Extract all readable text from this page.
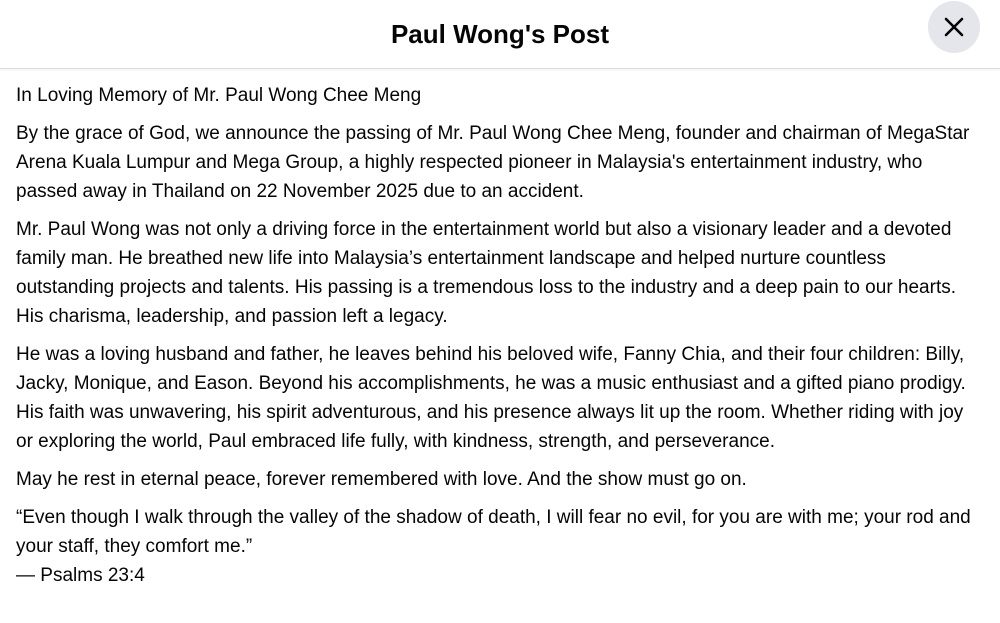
Paul Wong's Post

In Loving Memory of Mr. Paul Wong Chee Meng

By the grace of God, we announce the passing of Mr. Paul Wong Chee Meng, founder and chairman of MegaStar Arena Kuala Lumpur and Mega Group, a highly respected pioneer in Malaysia's entertainment industry, who passed away in Thailand on 22 November 2025 due to an accident.

Mr. Paul Wong was not only a driving force in the entertainment world but also a visionary leader and a devoted family man. He breathed new life into Malaysia’s entertainment landscape and helped nurture countless outstanding projects and talents. His passing is a tremendous loss to the industry and a deep pain to our hearts. His charisma, leadership, and passion left a legacy.

He was a loving husband and father, he leaves behind his beloved wife, Fanny Chia, and their four children: Billy, Jacky, Monique, and Eason. Beyond his accomplishments, he was a music enthusiast and a gifted piano prodigy. His faith was unwavering, his spirit adventurous, and his presence always lit up the room. Whether riding with joy or exploring the world, Paul embraced life fully, with kindness, strength, and perseverance.

May he rest in eternal peace, forever remembered with love. And the show must go on.

“Even though I walk through the valley of the shadow of death, I will fear no evil, for you are with me; your rod and your staff, they comfort me.”
— Psalms 23:4
